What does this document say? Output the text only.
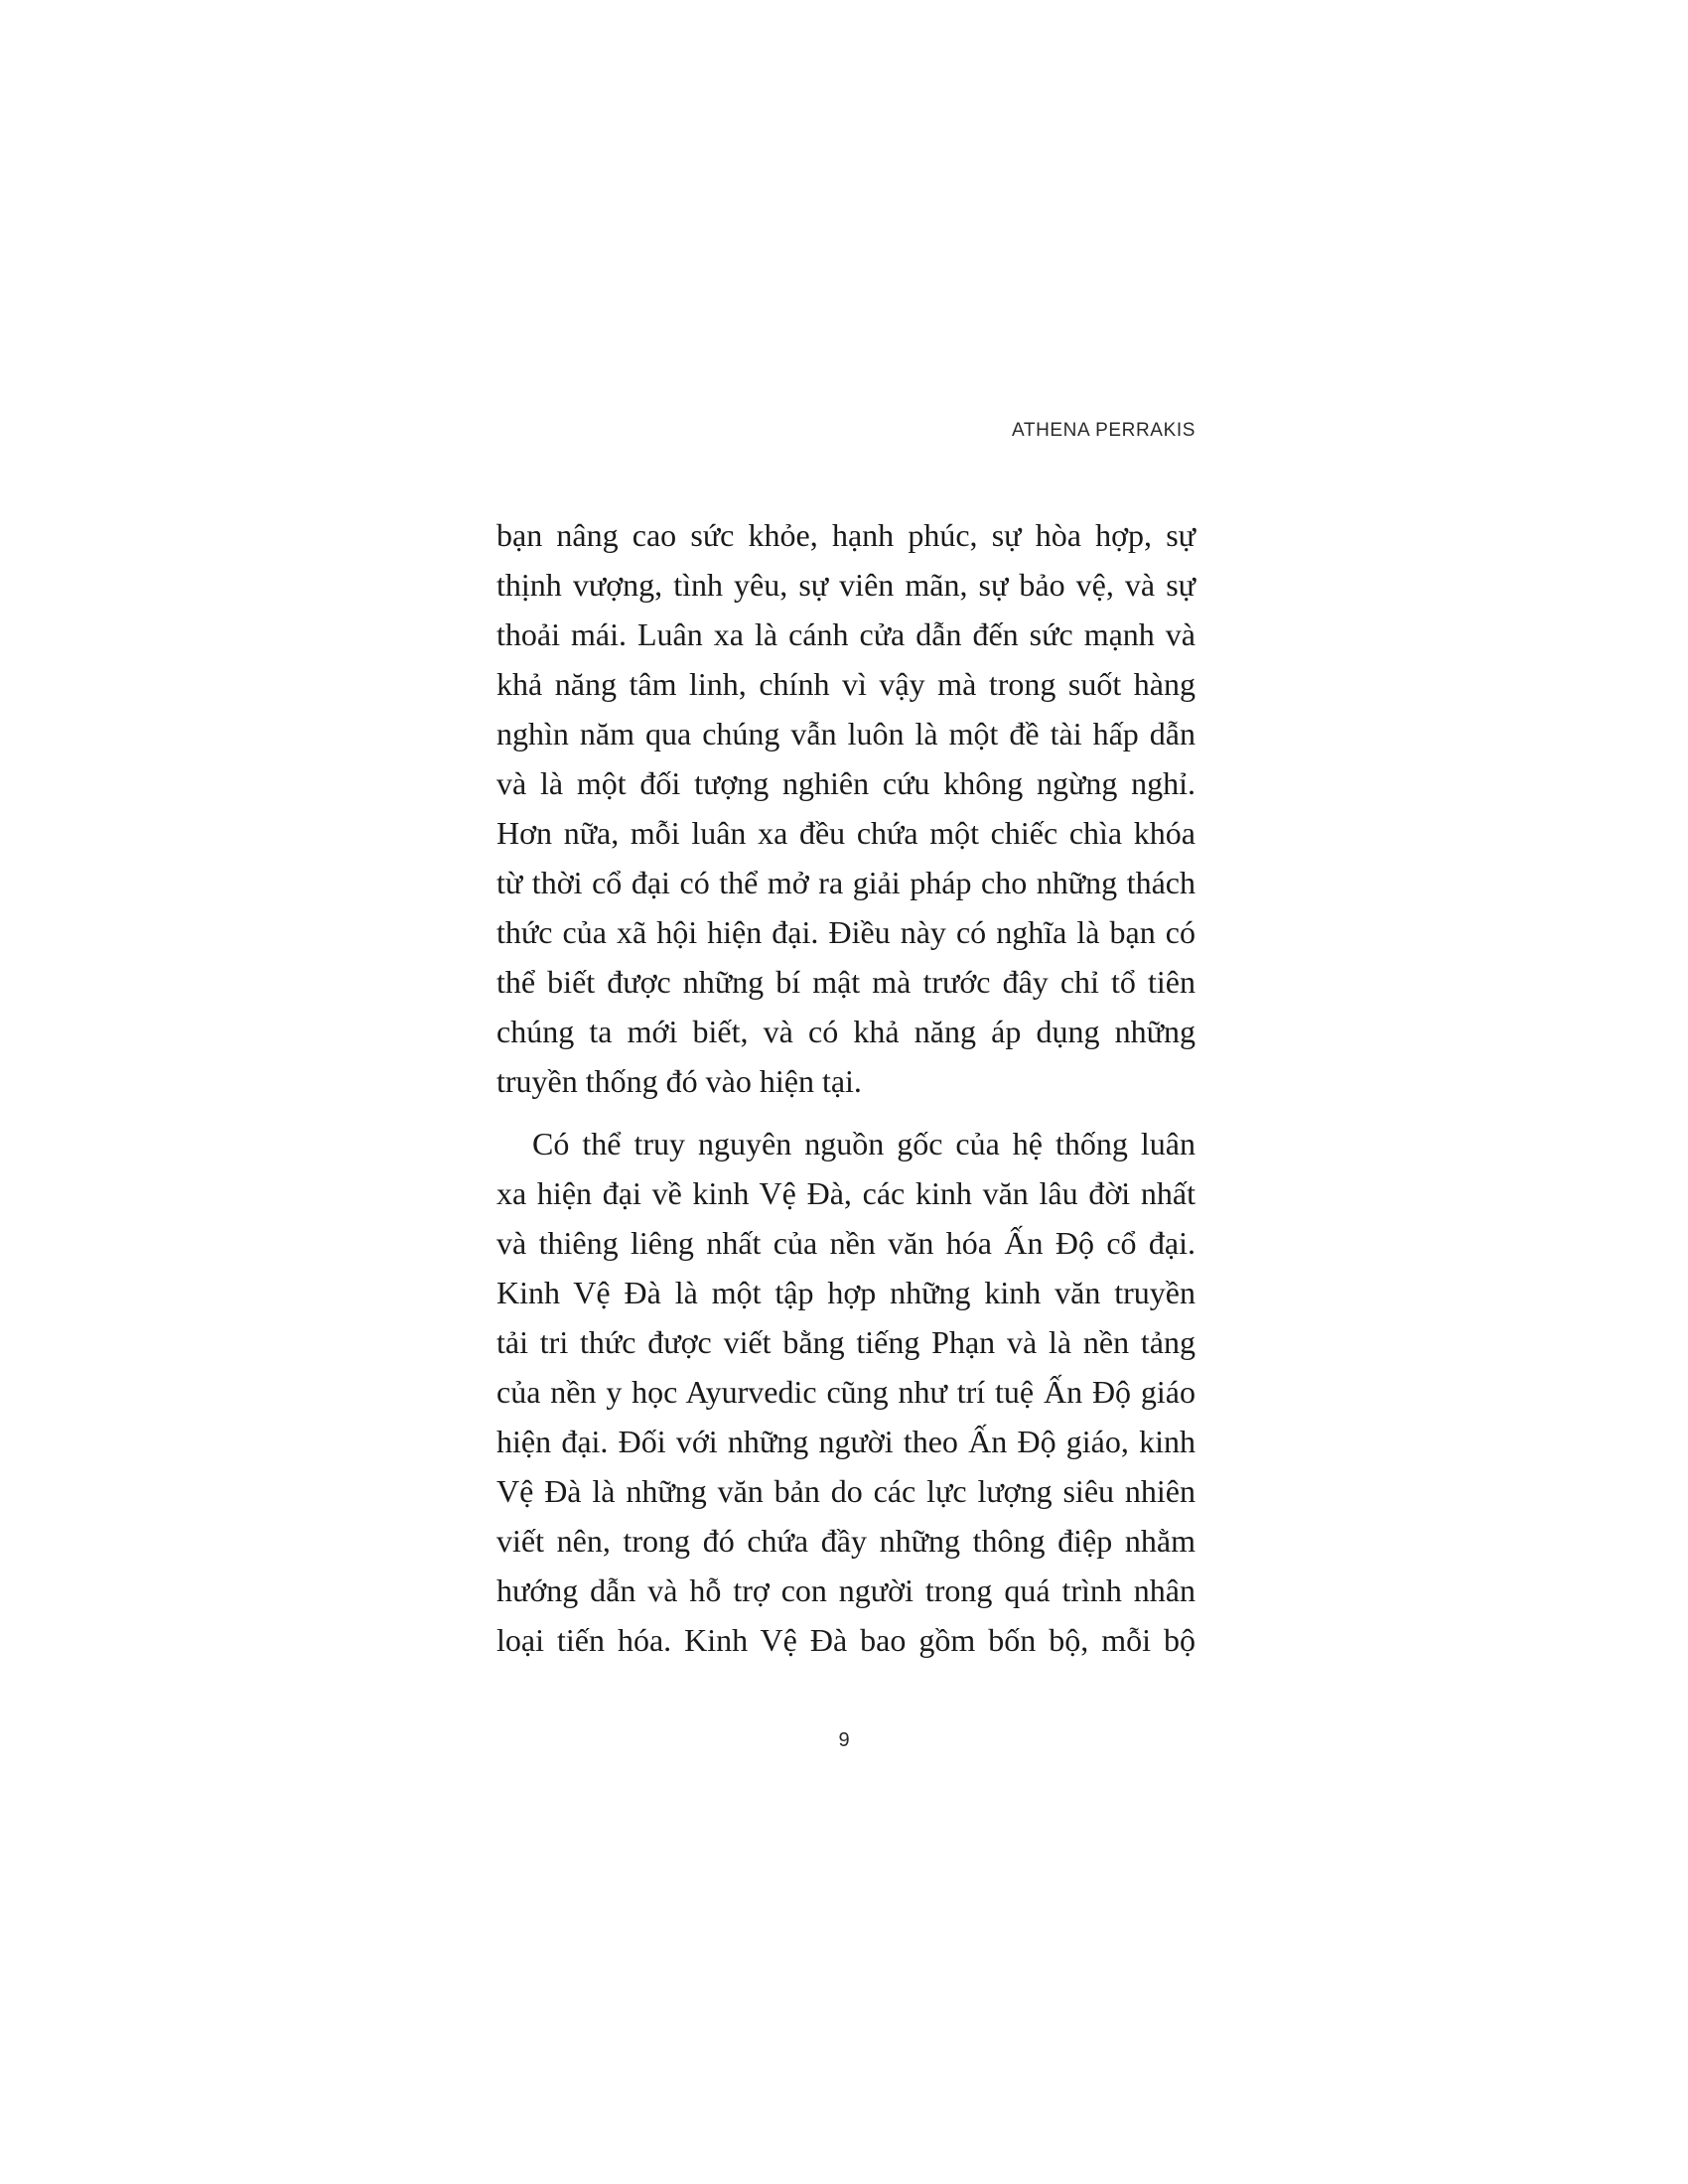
ATHENA PERRAKIS

bạn nâng cao sức khỏe, hạnh phúc, sự hòa hợp, sự
thịnh vượng, tình yêu, sự viên mãn, sự bảo vệ, và sự
thoải mái. Luân xa là cánh cửa dẫn đến sức mạnh và
khả năng tâm linh, chính vì vậy mà trong suốt hàng
nghìn năm qua chúng vẫn luôn là một đề tài hấp dẫn
và là một đối tượng nghiên cứu không ngừng nghỉ.
Hơn nữa, mỗi luân xa đều chứa một chiếc chìa khóa
từ thời cổ đại có thể mở ra giải pháp cho những thách
thức của xã hội hiện đại. Điều này có nghĩa là bạn có
thể biết được những bí mật mà trước đây chỉ tổ tiên
chúng ta mới biết, và có khả năng áp dụng những
truyền thống đó vào hiện tại.
Có thể truy nguyên nguồn gốc của hệ thống luân
xa hiện đại về kinh Vệ Đà, các kinh văn lâu đời nhất
và thiêng liêng nhất của nền văn hóa Ấn Độ cổ đại.
Kinh Vệ Đà là một tập hợp những kinh văn truyền
tải tri thức được viết bằng tiếng Phạn và là nền tảng
của nền y học Ayurvedic cũng như trí tuệ Ấn Độ giáo
hiện đại. Đối với những người theo Ấn Độ giáo, kinh
Vệ Đà là những văn bản do các lực lượng siêu nhiên
viết nên, trong đó chứa đầy những thông điệp nhằm
hướng dẫn và hỗ trợ con người trong quá trình nhân
loại tiến hóa. Kinh Vệ Đà bao gồm bốn bộ, mỗi bộ

9
